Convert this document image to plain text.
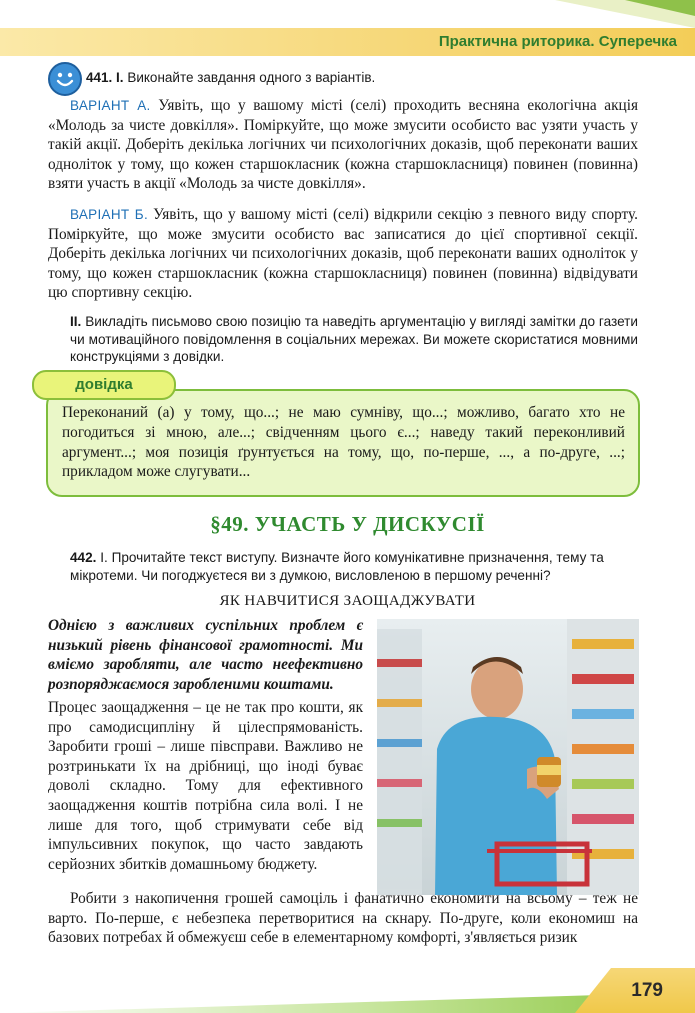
Практична риторика. Суперечка
441. I. Виконайте завдання одного з варіантів.
ВАРІАНТ А. Уявіть, що у вашому місті (селі) проходить весняна екологічна акція «Молодь за чисте довкілля». Поміркуйте, що може змусити особисто вас узяти участь у такій акції. Доберіть декілька логічних чи психологічних доказів, щоб переконати ваших одноліток у тому, що кожен старшокласник (кожна старшокласниця) повинен (повинна) взяти участь в акції «Молодь за чисте довкілля».
ВАРІАНТ Б. Уявіть, що у вашому місті (селі) відкрили секцію з певного виду спорту. Поміркуйте, що може змусити особисто вас записатися до цієї спортивної секції. Доберіть декілька логічних чи психологічних доказів, щоб переконати ваших одноліток у тому, що кожен старшокласник (кожна старшокласниця) повинен (повинна) відвідувати цю спортивну секцію.
II. Викладіть письмово свою позицію та наведіть аргументацію у вигляді замітки до газети чи мотиваційного повідомлення в соціальних мережах. Ви можете скористатися мовними конструкціями з довідки.
довідка
Переконаний (а) у тому, що...; не маю сумніву, що...; можливо, багато хто не погодиться зі мною, але...; свідченням цього є...; наведу такий переконливий аргумент...; моя позиція ґрунтується на тому, що, по-перше, ..., а по-друге, ...; прикладом може слугувати...
§49. УЧАСТЬ У ДИСКУСІЇ
442. I. Прочитайте текст виступу. Визначте його комунікативне призначення, тему та мікротеми. Чи погоджуєтеся ви з думкою, висловленою в першому реченні?
ЯК НАВЧИТИСЯ ЗАОЩАДЖУВАТИ
Однією з важливих суспільних проблем є низький рівень фінансової грамотності. Ми вміємо заробляти, але часто неефективно розпоряджаємося заробленими коштами.
Процес заощадження – це не так про кошти, як про самодисципліну й цілеспрямованість. Заробити гроші – лише півсправи. Важливо не розтринькати їх на дрібниці, що іноді буває доволі складно. Тому для ефективного заощадження коштів потрібна сила волі. І не лише для того, щоб стримувати себе від імпульсивних покупок, що часто завдають серйозних збитків домашньому бюджету.
Робити з накопичення грошей самоціль і фанатично економити на всьому – теж не варто. По-перше, є небезпека перетворитися на скнару. По-друге, коли економиш на базових потребах й обмежуєш себе в елементарному комфорті, з'являється ризик
179
